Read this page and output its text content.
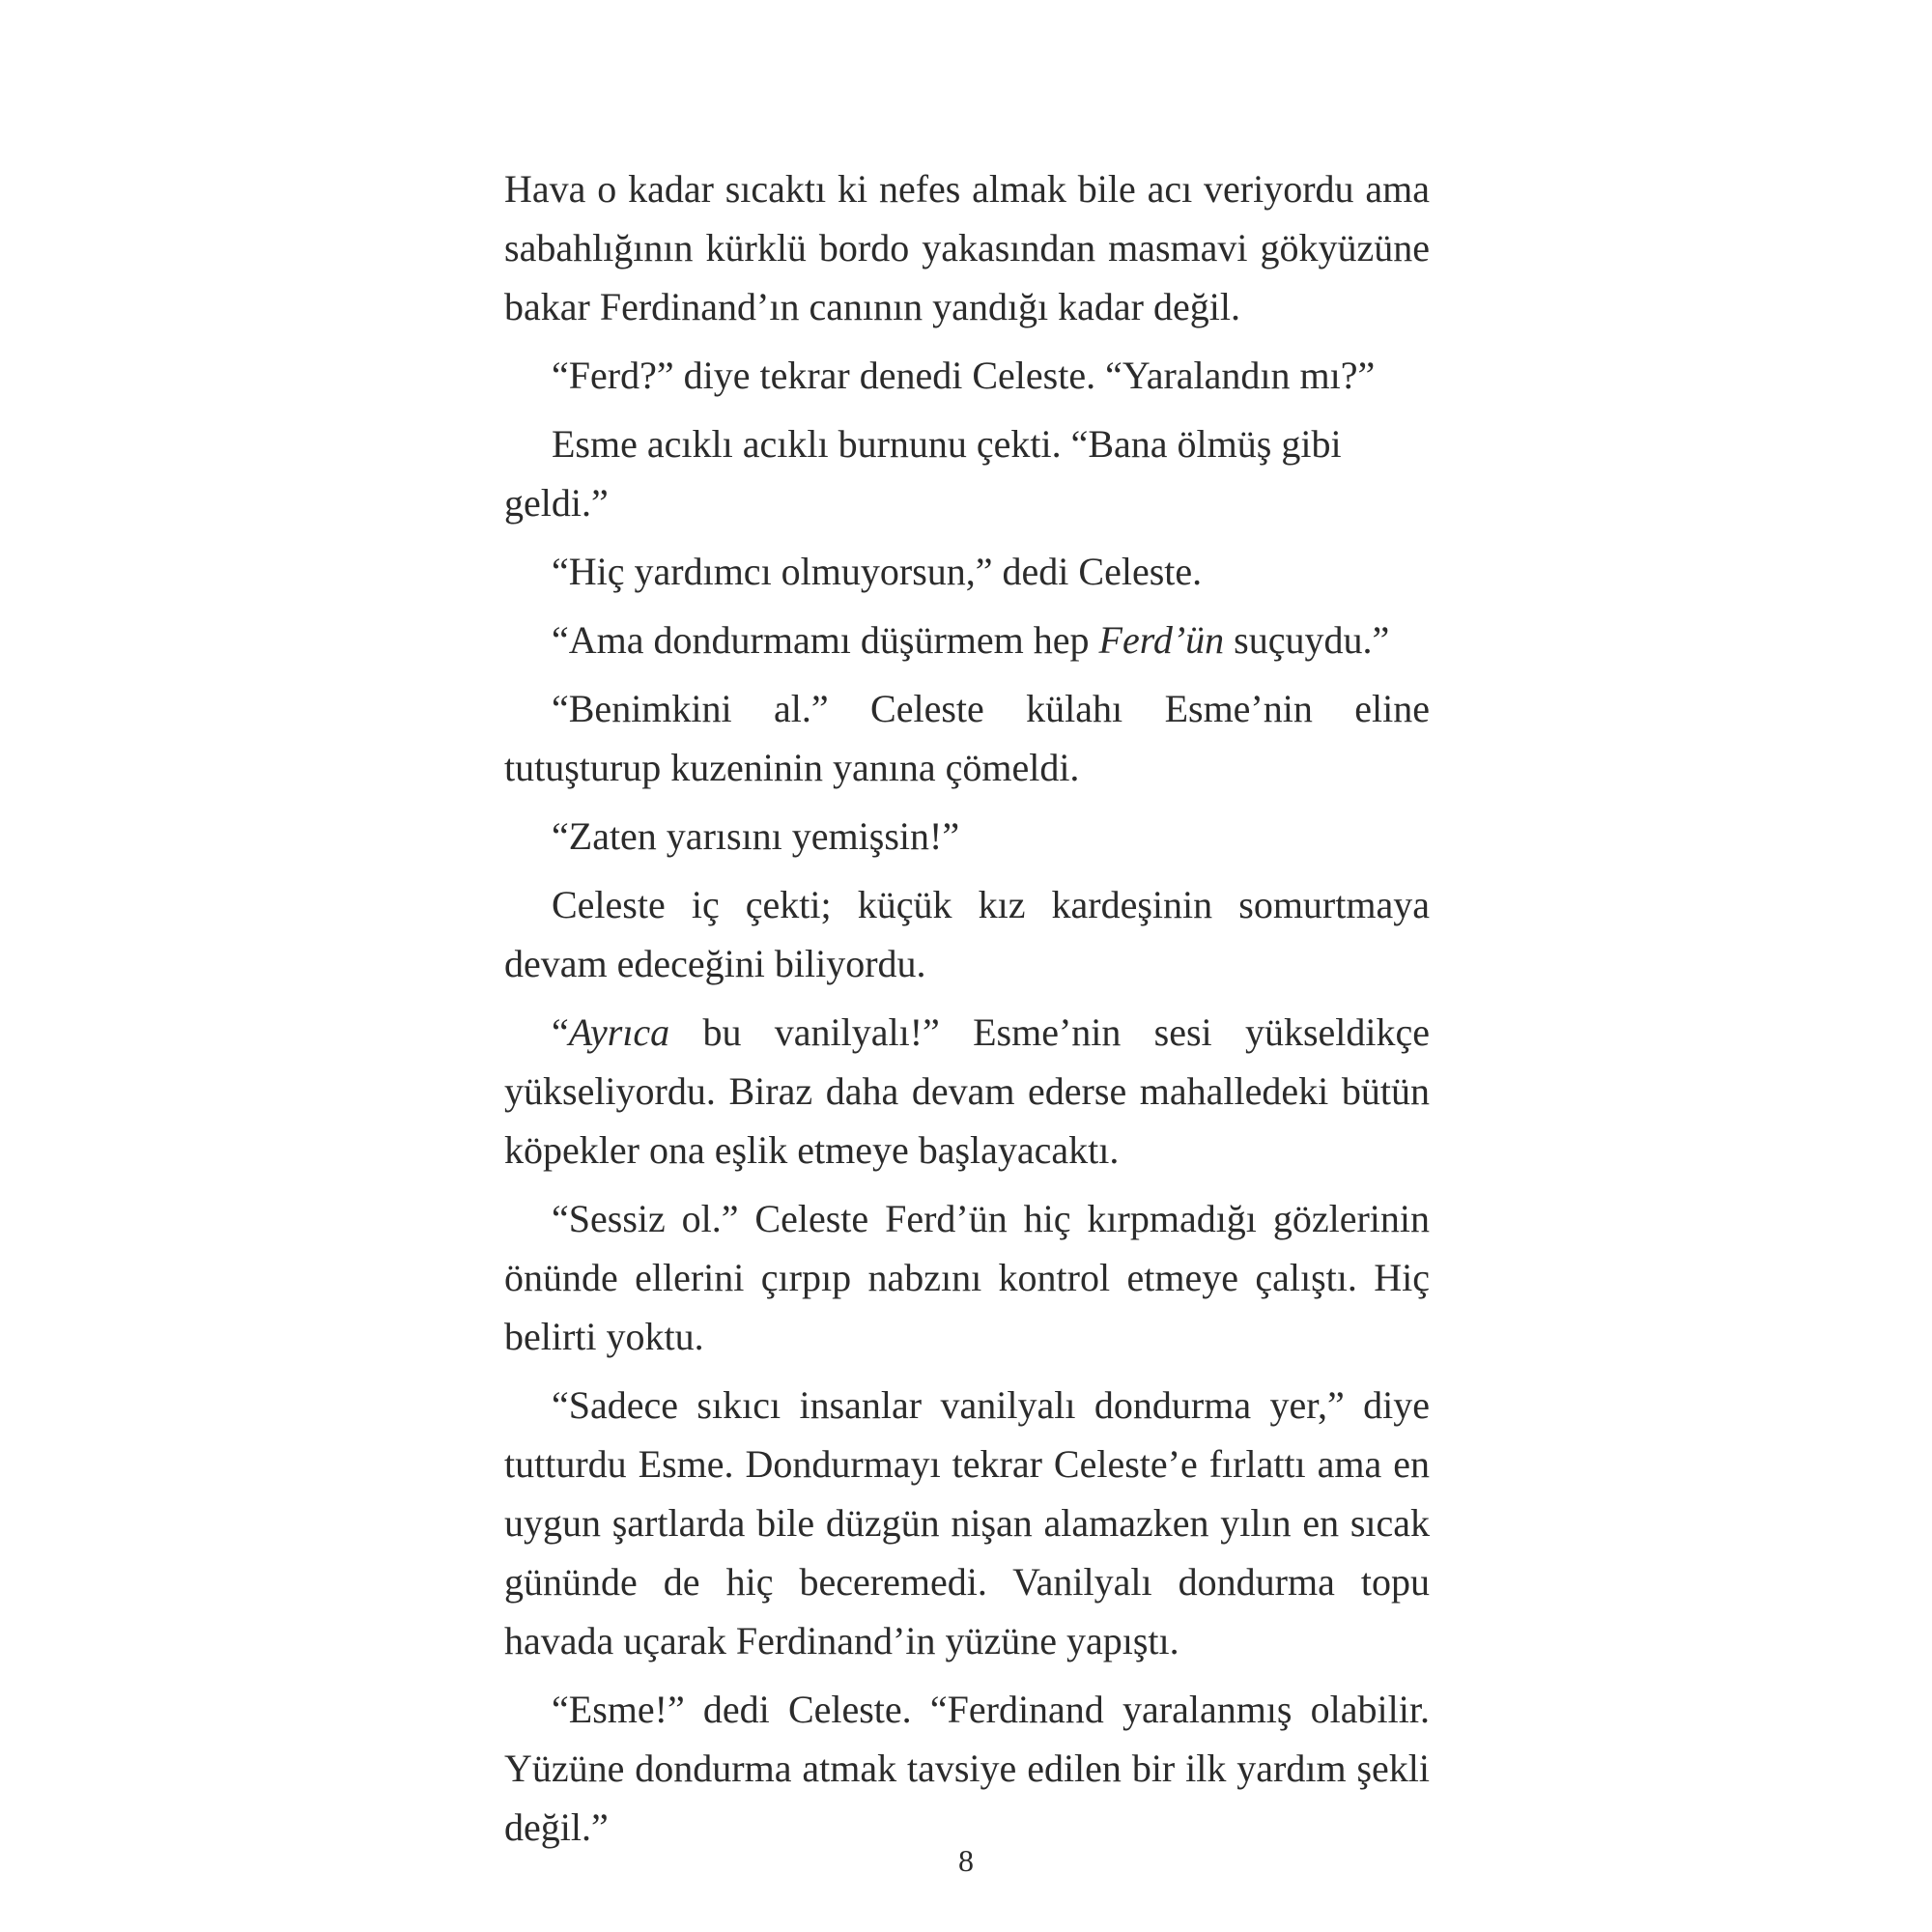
Hava o kadar sıcaktı ki nefes almak bile acı veriyordu ama sabahlığının kürklü bordo yakasından masmavi gökyüzüne bakar Ferdinand’ın canının yandığı kadar değil.

“Ferd?” diye tekrar denedi Celeste. “Yaralandın mı?”

Esme acıklı acıklı burnunu çekti. “Bana ölmüş gibi geldi.”

“Hiç yardımcı olmuyorsun,” dedi Celeste.

“Ama dondurmamı düşürmem hep Ferd’ün suçuydu.”

“Benimkini al.” Celeste külahı Esme’nin eline tutuşturup kuzeninin yanına çömeldi.

“Zaten yarısını yemişsin!”

Celeste iç çekti; küçük kız kardeşinin somurtmaya devam edeceğini biliyordu.

“Ayrıca bu vanilyalı!” Esme’nin sesi yükseldikçe yükseliyordu. Biraz daha devam ederse mahalledeki bütün köpekler ona eşlik etmeye başlayacaktı.

“Sessiz ol.” Celeste Ferd’ün hiç kırpmadığı gözlerinin önünde ellerini çırpıp nabzını kontrol etmeye çalıştı. Hiç belirti yoktu.

“Sadece sıkıcı insanlar vanilyalı dondurma yer,” diye tutturdu Esme. Dondurmayı tekrar Celeste’e fırlattı ama en uygun şartlarda bile düzgün nişan alamazken yılın en sıcak gününde de hiç beceremedi. Vanilyalı dondurma topu havada uçarak Ferdinand’in yüzüne yapıştı.

“Esme!” dedi Celeste. “Ferdinand yaralanmış olabilir. Yüzüne dondurma atmak tavsiye edilen bir ilk yardım şekli değil.”

8
